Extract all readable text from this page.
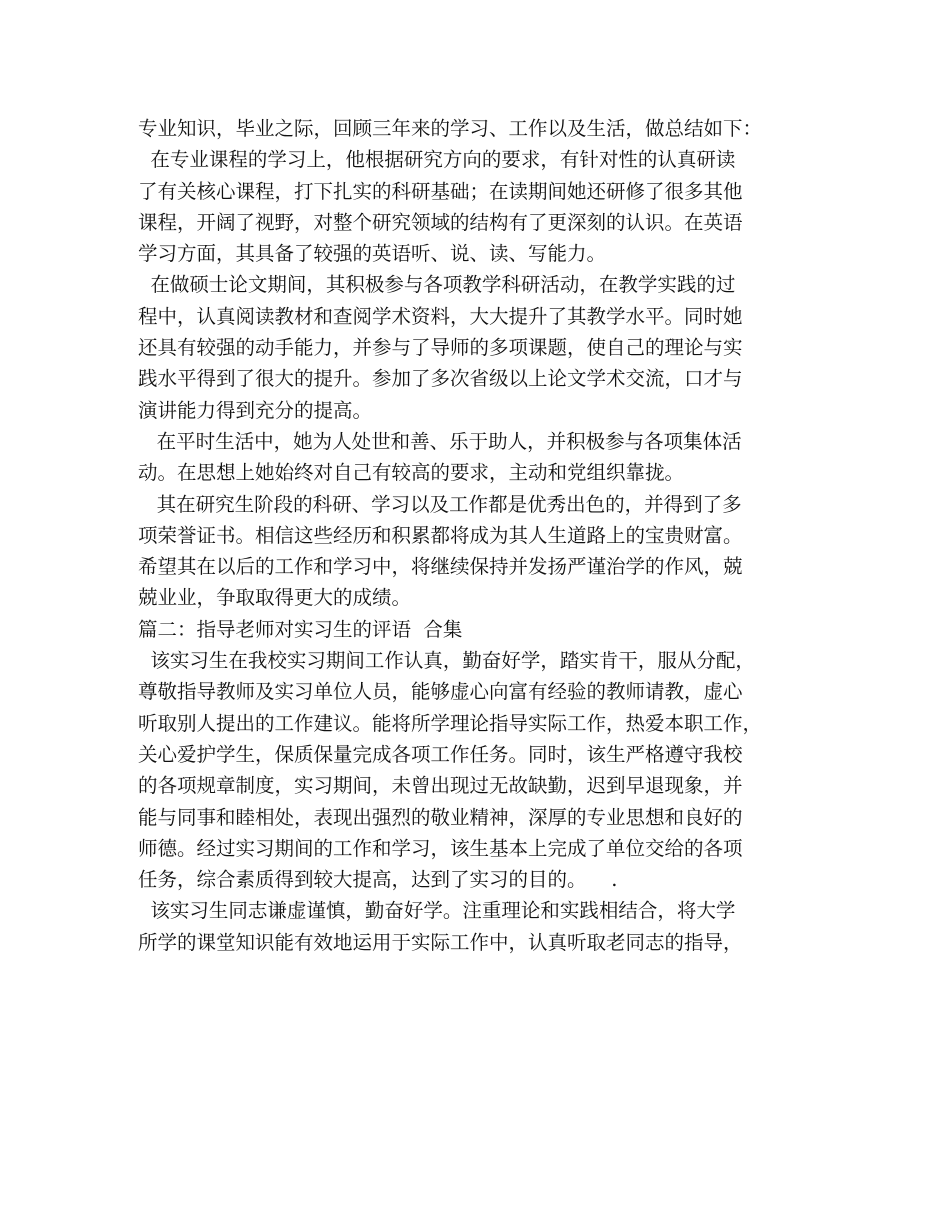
专业知识，毕业之际，回顾三年来的学习、工作以及生活，做总结如下：
在专业课程的学习上，他根据研究方向的要求，有针对性的认真研读
了有关核心课程，打下扎实的科研基础；在读期间她还研修了很多其他
课程，开阔了视野，对整个研究领域的结构有了更深刻的认识。在英语
学习方面，其具备了较强的英语听、说、读、写能力。
在做硕士论文期间，其积极参与各项教学科研活动，在教学实践的过
程中，认真阅读教材和查阅学术资料，大大提升了其教学水平。同时她
还具有较强的动手能力，并参与了导师的多项课题，使自己的理论与实
践水平得到了很大的提升。参加了多次省级以上论文学术交流，口才与
演讲能力得到充分的提高。
在平时生活中，她为人处世和善、乐于助人，并积极参与各项集体活
动。在思想上她始终对自己有较高的要求，主动和党组织靠拢。
其在研究生阶段的科研、学习以及工作都是优秀出色的，并得到了多
项荣誉证书。相信这些经历和积累都将成为其人生道路上的宝贵财富。
希望其在以后的工作和学习中，将继续保持并发扬严谨治学的作风，兢
兢业业，争取取得更大的成绩。
篇二：指导老师对实习生的评语  合集
该实习生在我校实习期间工作认真，勤奋好学，踏实肯干，服从分配，
尊敬指导教师及实习单位人员，能够虚心向富有经验的教师请教，虚心
听取别人提出的工作建议。能将所学理论指导实际工作，热爱本职工作，
关心爱护学生，保质保量完成各项工作任务。同时，该生严格遵守我校
的各项规章制度，实习期间，未曾出现过无故缺勤，迟到早退现象，并
能与同事和睦相处，表现出强烈的敬业精神，深厚的专业思想和良好的
师德。经过实习期间的工作和学习，该生基本上完成了单位交给的各项
任务，综合素质得到较大提高，达到了实习的目的。    .
该实习生同志谦虚谨慎，勤奋好学。注重理论和实践相结合，将大学
所学的课堂知识能有效地运用于实际工作中，认真听取老同志的指导，
